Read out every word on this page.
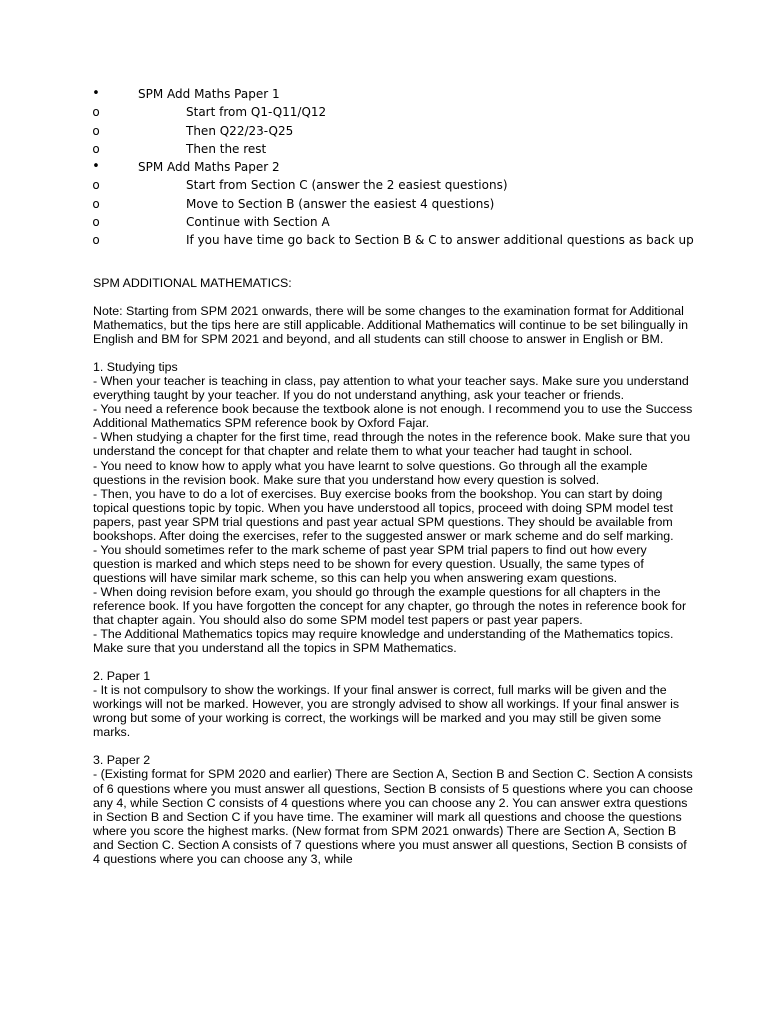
•	SPM Add Maths Paper 1
o	Start from Q1-Q11/Q12
o	Then Q22/23-Q25
o	Then the rest
•	SPM Add Maths Paper 2
o	Start from Section C (answer the 2 easiest questions)
o	Move to Section B (answer the easiest 4 questions)
o	Continue with Section A
o	If you have time go back to Section B & C to answer additional questions as back up

SPM ADDITIONAL MATHEMATICS:

Note: Starting from SPM 2021 onwards, there will be some changes to the examination format for Additional Mathematics, but the tips here are still applicable. Additional Mathematics will continue to be set bilingually in English and BM for SPM 2021 and beyond, and all students can still choose to answer in English or BM.

1. Studying tips

- When your teacher is teaching in class, pay attention to what your teacher says. Make sure you understand everything taught by your teacher. If you do not understand anything, ask your teacher or friends.

- You need a reference book because the textbook alone is not enough. I recommend you to use the Success Additional Mathematics SPM reference book by Oxford Fajar.

- When studying a chapter for the first time, read through the notes in the reference book. Make sure that you understand the concept for that chapter and relate them to what your teacher had taught in school.

- You need to know how to apply what you have learnt to solve questions. Go through all the example questions in the revision book. Make sure that you understand how every question is solved.

- Then, you have to do a lot of exercises. Buy exercise books from the bookshop. You can start by doing topical questions topic by topic. When you have understood all topics, proceed with doing SPM model test papers, past year SPM trial questions and past year actual SPM questions. They should be available from bookshops. After doing the exercises, refer to the suggested answer or mark scheme and do self marking.

- You should sometimes refer to the mark scheme of past year SPM trial papers to find out how every question is marked and which steps need to be shown for every question. Usually, the same types of questions will have similar mark scheme, so this can help you when answering exam questions.

- When doing revision before exam, you should go through the example questions for all chapters in the reference book. If you have forgotten the concept for any chapter, go through the notes in reference book for that chapter again. You should also do some SPM model test papers or past year papers.

- The Additional Mathematics topics may require knowledge and understanding of the Mathematics topics. Make sure that you understand all the topics in SPM Mathematics.

2. Paper 1

- It is not compulsory to show the workings. If your final answer is correct, full marks will be given and the workings will not be marked. However, you are strongly advised to show all workings. If your final answer is wrong but some of your working is correct, the workings will be marked and you may still be given some marks.

3. Paper 2

- (Existing format for SPM 2020 and earlier) There are Section A, Section B and Section C. Section A consists of 6 questions where you must answer all questions, Section B consists of 5 questions where you can choose any 4, while Section C consists of 4 questions where you can choose any 2. You can answer extra questions in Section B and Section C if you have time. The examiner will mark all questions and choose the questions where you score the highest marks. (New format from SPM 2021 onwards) There are Section A, Section B and Section C. Section A consists of 7 questions where you must answer all questions, Section B consists of 4 questions where you can choose any 3, while
